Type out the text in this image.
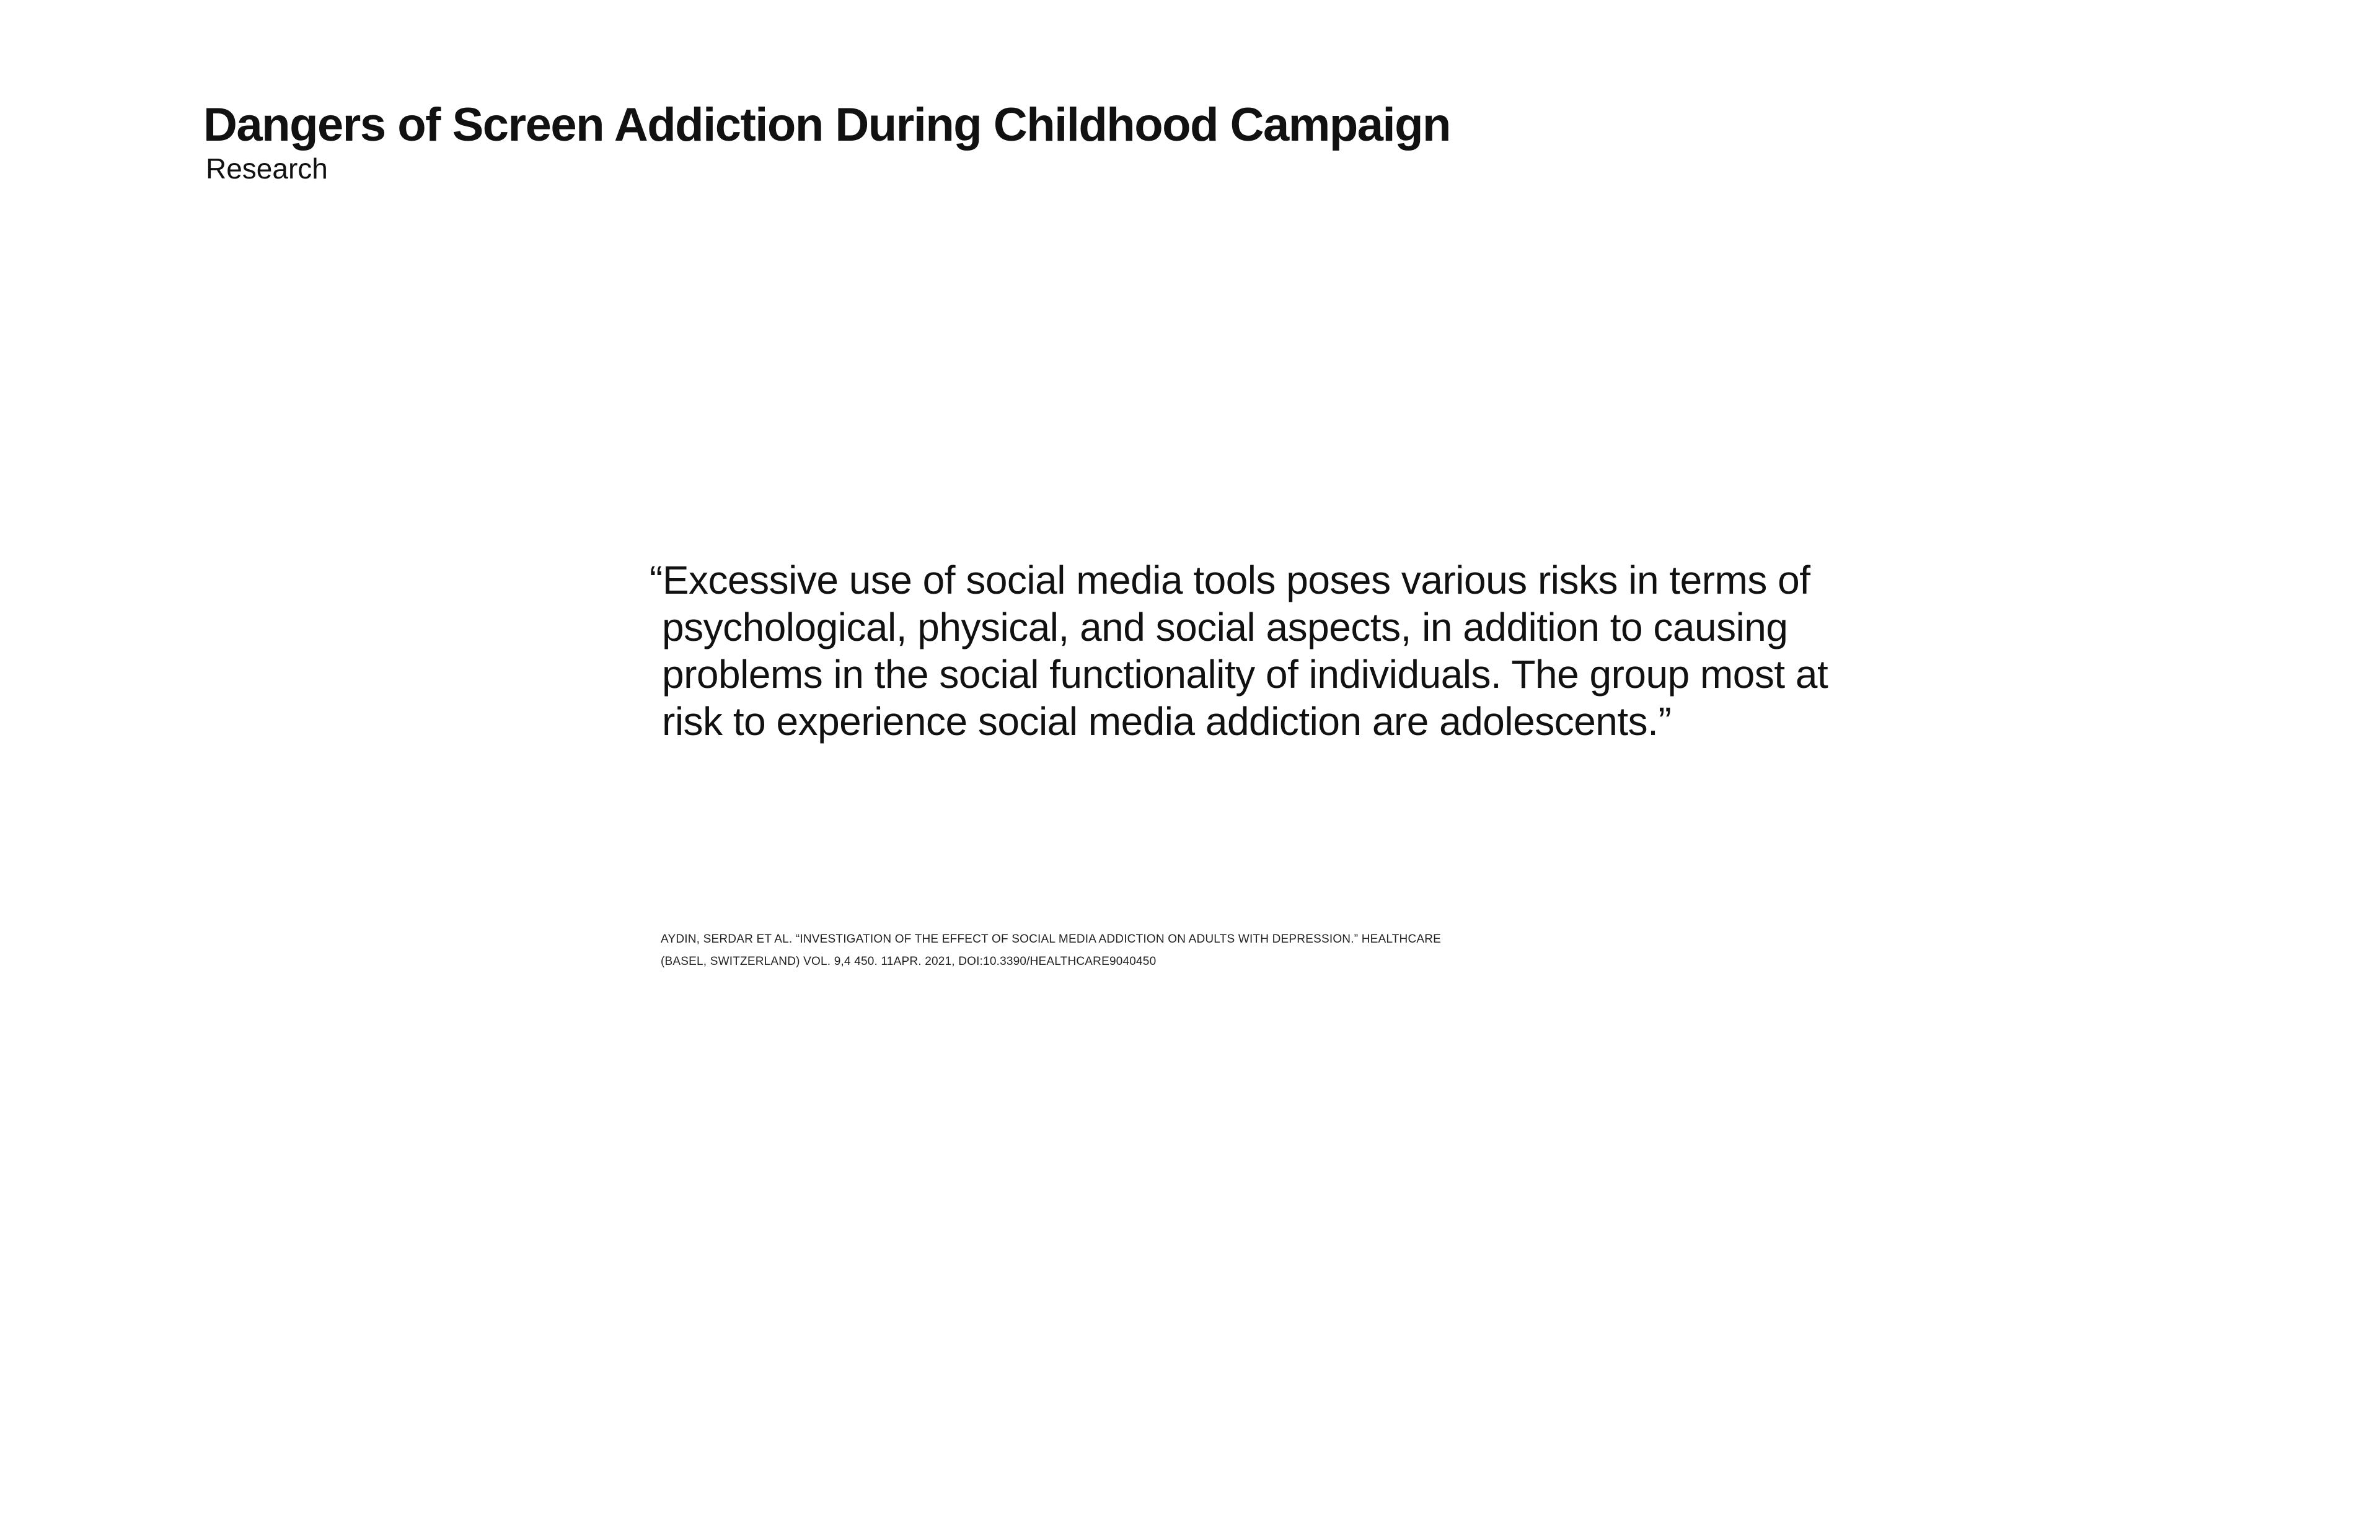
Dangers of Screen Addiction During Childhood Campaign

Research

“Excessive use of social media tools poses various risks in terms of
psychological, physical, and social aspects, in addition to causing
problems in the social functionality of individuals. The group most at
risk to experience social media addiction are adolescents.”
AYDIN, SERDAR ET AL. “INVESTIGATION OF THE EFFECT OF SOCIAL MEDIA ADDICTION ON ADULTS WITH DEPRESSION.” HEALTHCARE
(BASEL, SWITZERLAND) VOL. 9,4 450. 11APR. 2021, DOI:10.3390/HEALTHCARE9040450
